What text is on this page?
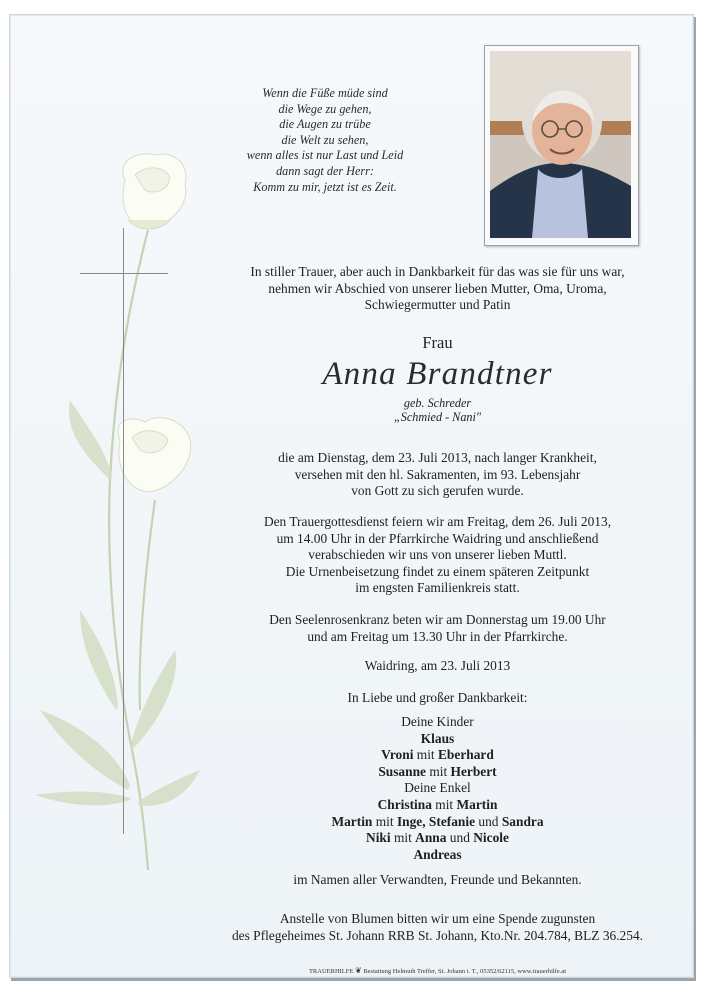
Wenn die Füße müde sind
die Wege zu gehen,
die Augen zu trübe
die Welt zu sehen,
wenn alles ist nur Last und Leid
dann sagt der Herr:
Komm zu mir, jetzt ist es Zeit.
In stiller Trauer, aber auch in Dankbarkeit für das was sie für uns war,
nehmen wir Abschied von unserer lieben Mutter, Oma, Uroma,
Schwiegermutter und Patin
Frau
Anna Brandtner
geb. Schreder
„Schmied - Nani"
die am Dienstag, dem 23. Juli 2013, nach langer Krankheit,
versehen mit den hl. Sakramenten, im 93. Lebensjahr
von Gott zu sich gerufen wurde.
Den Trauergottesdienst feiern wir am Freitag, dem 26. Juli 2013,
um 14.00 Uhr in der Pfarrkirche Waidring und anschließend
verabschieden wir uns von unserer lieben Muttl.
Die Urnenbeisetzung findet zu einem späteren Zeitpunkt
im engsten Familienkreis statt.
Den Seelenrosenkranz beten wir am Donnerstag um 19.00 Uhr
und am Freitag um 13.30 Uhr in der Pfarrkirche.
Waidring, am 23. Juli 2013
In Liebe und großer Dankbarkeit:
Deine Kinder
Klaus
Vroni mit Eberhard
Susanne mit Herbert
Deine Enkel
Christina mit Martin
Martin mit Inge, Stefanie und Sandra
Niki mit Anna und Nicole
Andreas
im Namen aller Verwandten, Freunde und Bekannten.
Anstelle von Blumen bitten wir um eine Spende zugunsten
des Pflegeheimes St. Johann RRB St. Johann, Kto.Nr. 204.784, BLZ 36.254.
TRAUERHILFE ❦ Bestattung Helmuth Treffer, St. Johann i. T., 05352/62115, www.trauerhilfe.at
